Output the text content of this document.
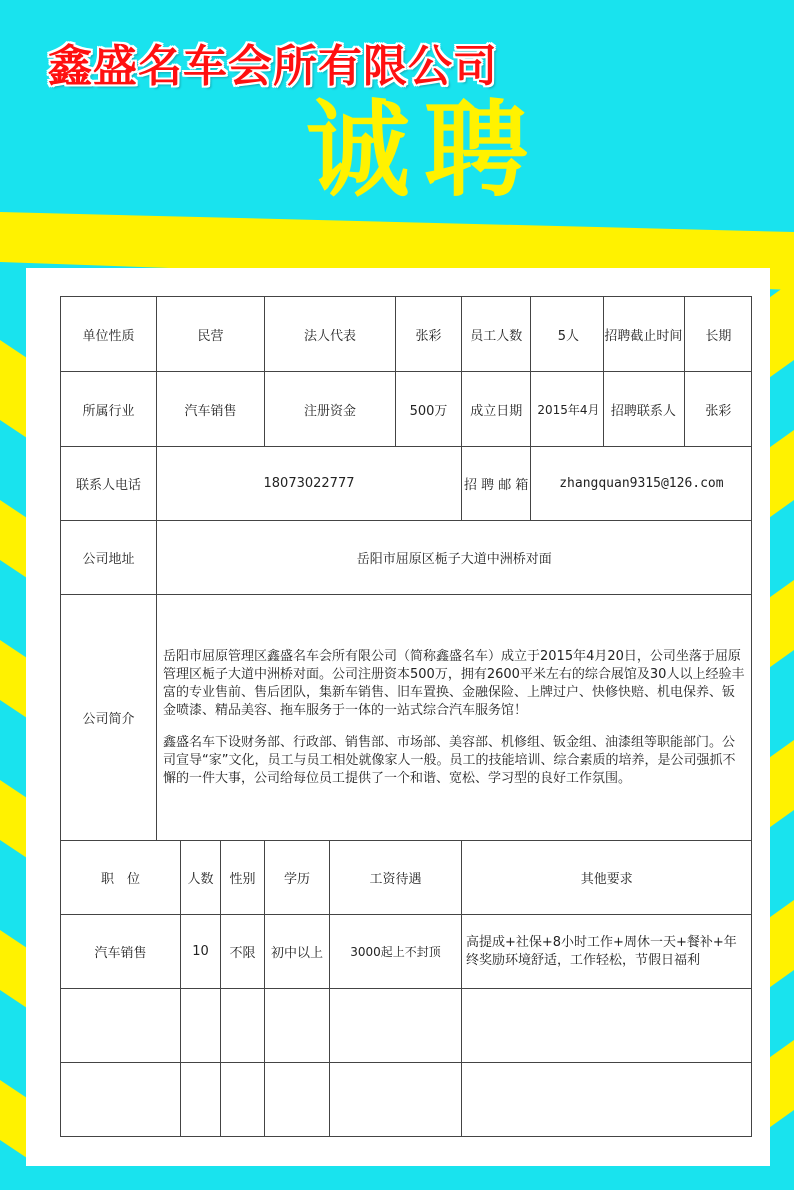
鑫盛名车会所有限公司
诚聘
单位性质	民营			法人代表		张彩	员工人数	5人 招聘截止时间	长期
所属行业	汽车销售			注册资金		500万	成立日期	2015年4月 招聘联系人	张彩
联系人电话	18073022777						招 聘 邮 箱	zhangquan9315@126.com	
公司地址	岳阳市屈原区栀子大道中洲桥对面								
公司简介	岳阳市屈原管理区鑫盛名车会所有限公司（简称鑫盛名车）成立于2015年4月20日，公司坐落于屈原管理区栀子大道中洲桥对面。公司注册资本500万，拥有2600平米左右的综合展馆及30人以上经验丰富的专业售前、售后团队，集新车销售、旧车置换、金融保险、上牌过户、快修快赔、机电保养、钣金喷漆、精品美容、拖车服务于一体的一站式综合汽车服务馆！

鑫盛名车下设财务部、行政部、销售部、市场部、美容部、机修组、钣金组、油漆组等职能部门。公司宣导“家”文化，员工与员工相处就像家人一般。员工的技能培训、综合素质的培养，是公司强抓不懈的一件大事，公司给每位员工提供了一个和谐、宽松、学习型的良好工作氛围。								

职　位		人数	性别	学历	工资待遇		其他要求		
汽车销售		10	不限	初中以上	3000起上不封顶		高提成+社保+8小时工作+周休一天+餐补+年终奖励环境舒适，工作轻松，节假日福利		
